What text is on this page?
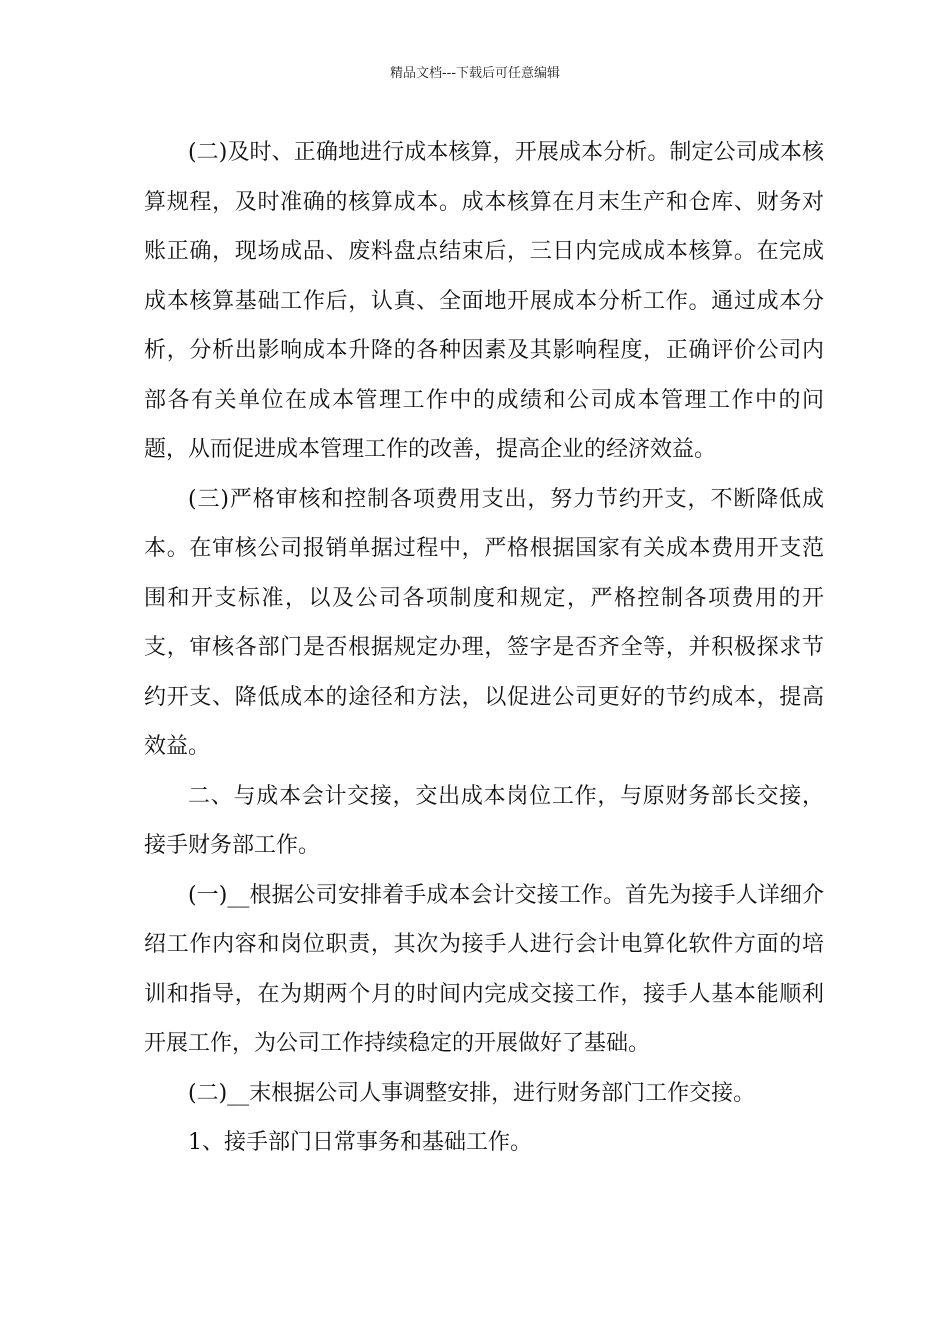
精品文档---下载后可任意编辑

(二)及时、正确地进行成本核算，开展成本分析。制定公司成本核算规程，及时准确的核算成本。成本核算在月末生产和仓库、财务对账正确，现场成品、废料盘点结束后，三日内完成成本核算。在完成成本核算基础工作后，认真、全面地开展成本分析工作。通过成本分析，分析出影响成本升降的各种因素及其影响程度，正确评价公司内部各有关单位在成本管理工作中的成绩和公司成本管理工作中的问题，从而促进成本管理工作的改善，提高企业的经济效益。

(三)严格审核和控制各项费用支出，努力节约开支，不断降低成本。在审核公司报销单据过程中，严格根据国家有关成本费用开支范围和开支标准，以及公司各项制度和规定，严格控制各项费用的开支，审核各部门是否根据规定办理，签字是否齐全等，并积极探求节约开支、降低成本的途径和方法，以促进公司更好的节约成本，提高效益。

二、与成本会计交接，交出成本岗位工作，与原财务部长交接，接手财务部工作。

(一)__根据公司安排着手成本会计交接工作。首先为接手人详细介绍工作内容和岗位职责，其次为接手人进行会计电算化软件方面的培训和指导，在为期两个月的时间内完成交接工作，接手人基本能顺利开展工作，为公司工作持续稳定的开展做好了基础。

(二)__末根据公司人事调整安排，进行财务部门工作交接。

1、接手部门日常事务和基础工作。
